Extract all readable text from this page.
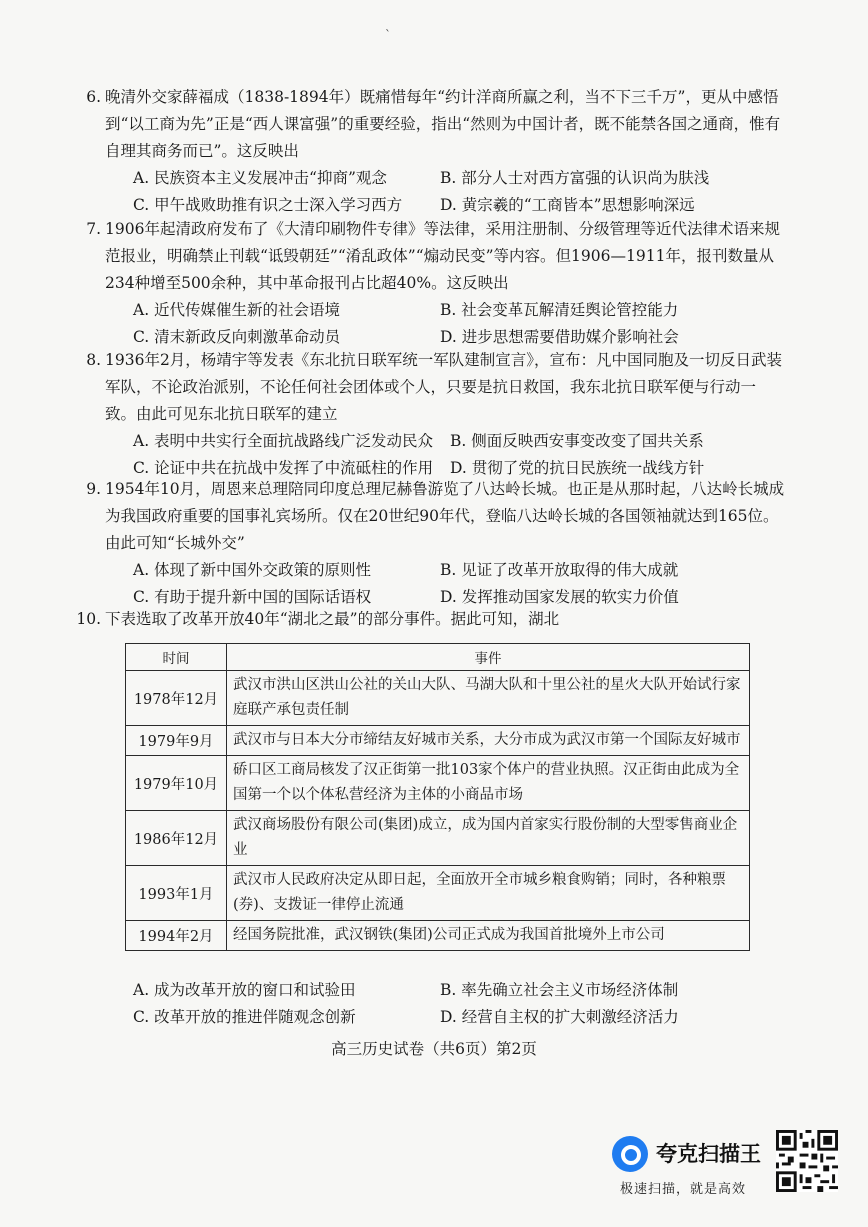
`
6. 晚清外交家薛福成（1838-1894年）既痛惜每年“约计洋商所赢之利，当不下三千万”，更从中感悟到“以工商为先”正是“西人课富强”的重要经验，指出“然则为中国计者，既不能禁各国之通商，惟有自理其商务而已”。这反映出
A. 民族资本主义发展冲击“抑商”观念	B. 部分人士对西方富强的认识尚为肤浅
C. 甲午战败助推有识之士深入学习西方 D. 黄宗羲的“工商皆本”思想影响深远
7. 1906年起清政府发布了《大清印刷物件专律》等法律，采用注册制、分级管理等近代法律术语来规范报业，明确禁止刊载“诋毁朝廷”“淆乱政体”“煽动民变”等内容。但1906—1911年，报刊数量从234种增至500余种，其中革命报刊占比超40%。这反映出
A. 近代传媒催生新的社会语境	B. 社会变革瓦解清廷舆论管控能力
C. 清末新政反向刺激革命动员	D. 进步思想需要借助媒介影响社会
8. 1936年2月，杨靖宇等发表《东北抗日联军统一军队建制宣言》，宣布：凡中国同胞及一切反日武装军队，不论政治派别，不论任何社会团体或个人，只要是抗日救国，我东北抗日联军便与行动一致。由此可见东北抗日联军的建立
A. 表明中共实行全面抗战路线广泛发动民众 B. 侧面反映西安事变改变了国共关系
C. 论证中共在抗战中发挥了中流砥柱的作用 D. 贯彻了党的抗日民族统一战线方针
9. 1954年10月，周恩来总理陪同印度总理尼赫鲁游览了八达岭长城。也正是从那时起，八达岭长城成为我国政府重要的国事礼宾场所。仅在20世纪90年代，登临八达岭长城的各国领袖就达到165位。由此可知“长城外交”
A. 体现了新中国外交政策的原则性	B. 见证了改革开放取得的伟大成就
C. 有助于提升新中国的国际话语权	D. 发挥推动国家发展的软实力价值
10. 下表选取了改革开放40年“湖北之最”的部分事件。据此可知，湖北
时间	事件
1978年12月	武汉市洪山区洪山公社的关山大队、马湖大队和十里公社的星火大队开始试行家庭联产承包责任制
1979年9月	武汉市与日本大分市缔结友好城市关系，大分市成为武汉市第一个国际友好城市
1979年10月	硚口区工商局核发了汉正街第一批103家个体户的营业执照。汉正街由此成为全国第一个以个体私营经济为主体的小商品市场
1986年12月	武汉商场股份有限公司(集团)成立，成为国内首家实行股份制的大型零售商业企业
1993年1月	武汉市人民政府决定从即日起，全面放开全市城乡粮食购销；同时，各种粮票(券)、支拨证一律停止流通
1994年2月	经国务院批准，武汉钢铁(集团)公司正式成为我国首批境外上市公司
A. 成为改革开放的窗口和试验田	B. 率先确立社会主义市场经济体制
C. 改革开放的推进伴随观念创新	D. 经营自主权的扩大刺激经济活力
高三历史试卷（共6页）第2页
夸克扫描王
极速扫描，就是高效
